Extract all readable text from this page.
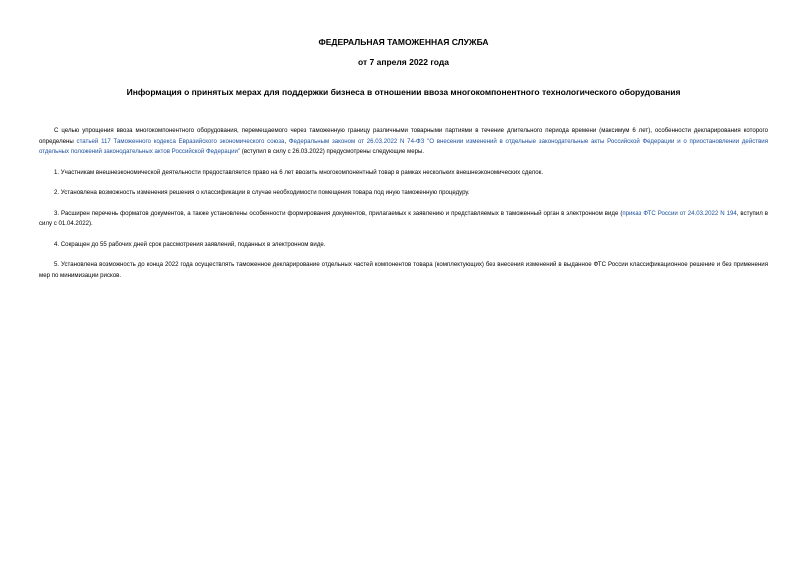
ФЕДЕРАЛЬНАЯ ТАМОЖЕННАЯ СЛУЖБА
от 7 апреля 2022 года
Информация о принятых мерах для поддержки бизнеса в отношении ввоза многокомпонентного технологического оборудования

С целью упрощения ввоза многокомпонентного оборудования, перемещаемого через таможенную границу различными товарными партиями в течение длительного периода времени (максимум 6 лет), особенности декларирования которого определены статьей 117 Таможенного кодекса Евразийского экономического союза, Федеральным законом от 26.03.2022 N 74-ФЗ "О внесении изменений в отдельные законодательные акты Российской Федерации и о приостановлении действия отдельных положений законодательных актов Российской Федерации" (вступил в силу с 26.03.2022) предусмотрены следующие меры.

1. Участникам внешнеэкономической деятельности предоставляется право на 6 лет ввозить многокомпонентный товар в рамках нескольких внешнеэкономических сделок.

2. Установлена возможность изменения решения о классификации в случае необходимости помещения товара под иную таможенную процедуру.

3. Расширен перечень форматов документов, а также установлены особенности формирования документов, прилагаемых к заявлению и представляемых в таможенный орган в электронном виде (приказ ФТС России от 24.03.2022 N 194, вступил в силу с 01.04.2022).

4. Сокращен до 55 рабочих дней срок рассмотрения заявлений, поданных в электронном виде.

5. Установлена возможность до конца 2022 года осуществлять таможенное декларирование отдельных частей компонентов товара (комплектующих) без внесения изменений в выданное ФТС России классификационное решение и без применения мер по минимизации рисков.
